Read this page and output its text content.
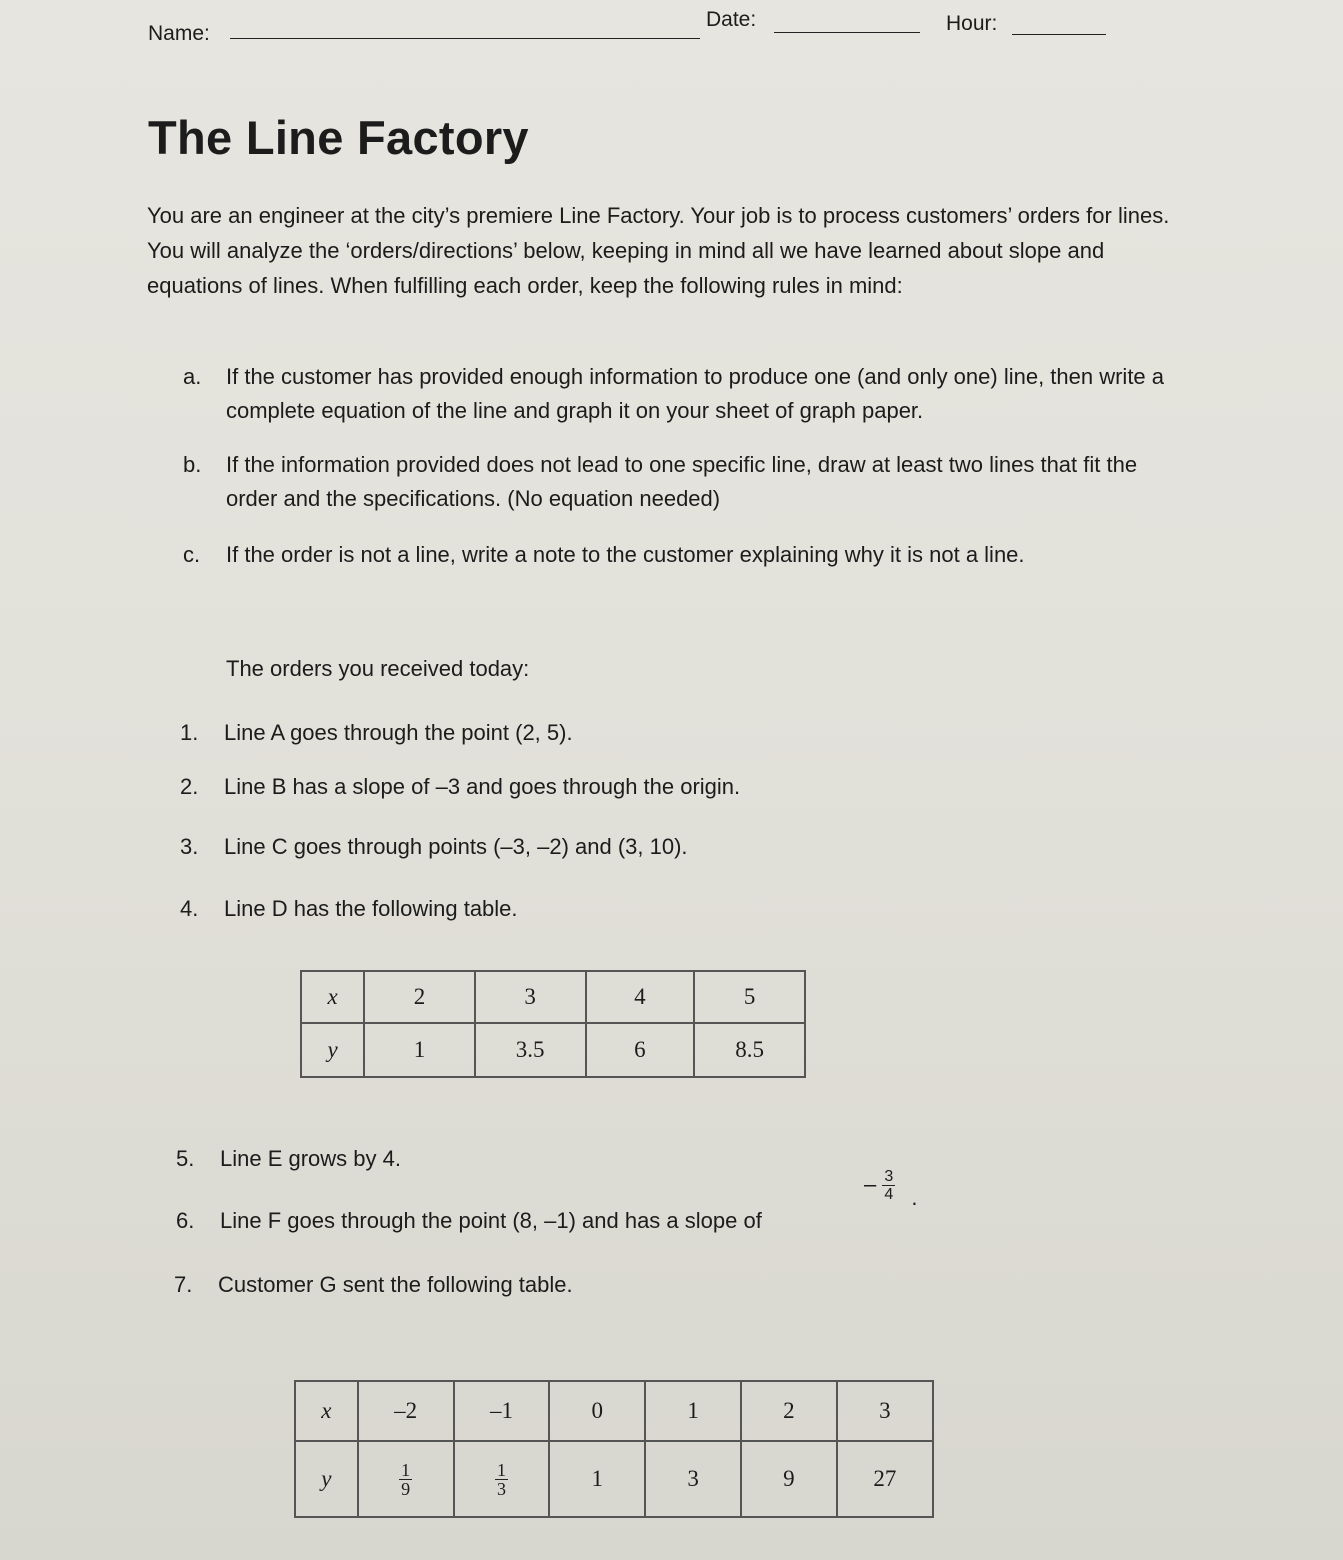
Name:
Date:	Hour:
The Line Factory
You are an engineer at the city’s premiere Line Factory. Your job is to process customers’ orders for lines. You will analyze the ‘orders/directions’ below, keeping in mind all we have learned about slope and equations of lines. When fulfilling each order, keep the following rules in mind:
a.	If the customer has provided enough information to produce one (and only one) line, then write a complete equation of the line and graph it on your sheet of graph paper.
b.	If the information provided does not lead to one specific line, draw at least two lines that fit the order and the specifications. (No equation needed)
c.	If the order is not a line, write a note to the customer explaining why it is not a line.
The orders you received today:
1. Line A goes through the point (2, 5).
2. Line B has a slope of –3 and goes through the origin.
3. Line C goes through points (–3, –2) and (3, 10).
4. Line D has the following table.
x	2	3	4	5
y	1	3.5	6	8.5
5. Line E grows by 4.
6. Line F goes through the point (8, –1) and has a slope of
– $\frac{3}{4}$ .
7. Customer G sent the following table.
x	–2	–1	0	1	2	3
y	$\frac{1}{9}$	$\frac{1}{3}$	1	3	9	27
